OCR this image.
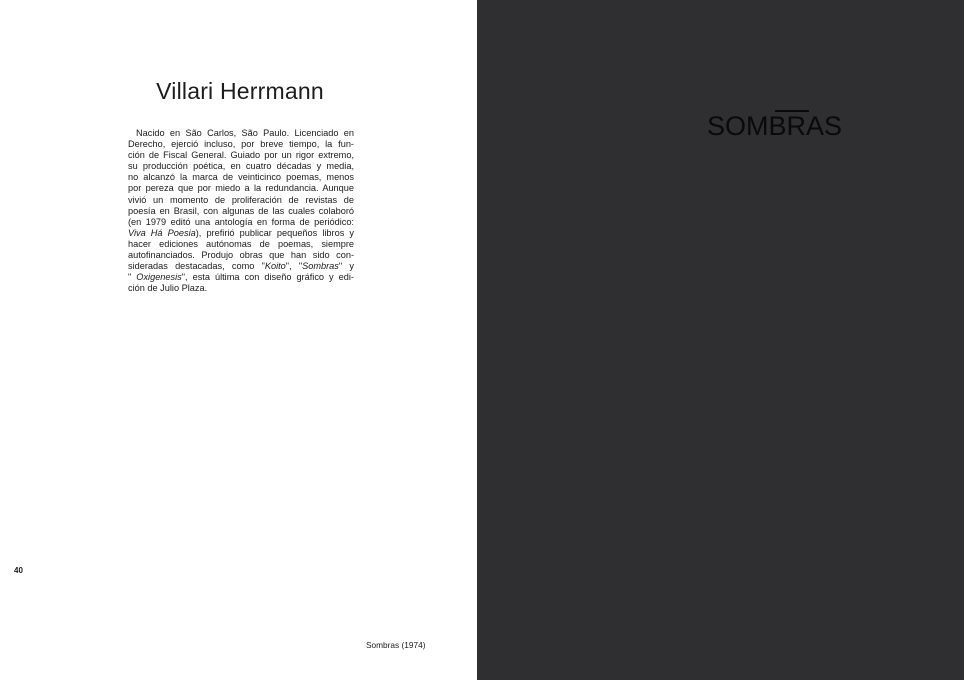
Villari Herrmann
Nacido en São Carlos, São Paulo. Licenciado en
Derecho, ejerció incluso, por breve tiempo, la fun-
ción de Fiscal General. Guiado por un rigor extremo,
su producción poética, en cuatro décadas y media,
no alcanzó la marca de veinticinco poemas, menos
por pereza que por miedo a la redundancia. Aunque
vivió un momento de proliferación de revistas de
poesía en Brasil, con algunas de las cuales colaboró
(en 1979 editó una antología en forma de periódico:
Viva Há Poesia), prefirió publicar pequeños libros y
hacer ediciones autónomas de poemas, siempre
autofinanciados. Produjo obras que han sido con-
sideradas destacadas, como "Koito", "Sombras" y
" Oxigenesis", esta última con diseño gráfico y edi-
ción de Julio Plaza.
40
Sombras (1974)
SOMBRAS
